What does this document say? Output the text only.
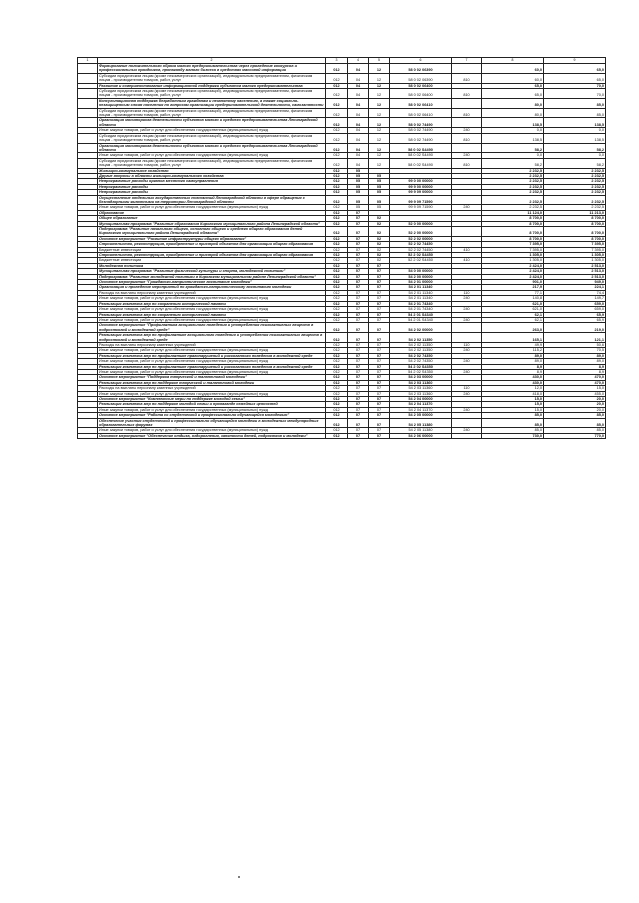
1	2	3	4	5	6	7	8	9
	Формирование положительного образа малого предпринимательства через проведение конкурсов и профессиональных праздников, пропаганду малого бизнеса в средствах массовой информации	012	04	12	58 0 02 06390		60,0	65,0
	Субсидии юридическим лицам (кроме некоммерческих организаций), индивидуальным предпринимателям, физическим лицам - производителям товаров, работ, услуг	012	04	12	58 0 02 06390	810	60,0	65,0
	Развитие и совершенствование информационной поддержки субъектов малого предпринимательства	012	04	12	58 0 02 06400		65,0	70,0
	Субсидии юридическим лицам (кроме некоммерческих организаций), индивидуальным предпринимателям, физическим лицам - производителям товаров, работ, услуг	012	04	12	58 0 02 06400	810	65,0	70,0
	Консультационная поддержка безработным гражданам и незанятому населению, а также социально-незащищенным слоям населения по вопросам организации предпринимательской деятельности, самозанятости	012	04	12	58 0 02 06410		80,0	85,0
	Субсидии юридическим лицам (кроме некоммерческих организаций), индивидуальным предпринимателям, физическим лицам - производителям товаров, работ, услуг	012	04	12	58 0 02 06410	810	80,0	85,0
	Организация мониторинга деятельности субъектов малого и среднего предпринимательства Ленинградской области	012	04	12	58 0 02 74490		138,5	138,5
	Иные закупки товаров, работ и услуг для обеспечения государственных (муниципальных) нужд	012	04	12	58 0 02 74490	240	0,0	0,0
	Субсидии юридическим лицам (кроме некоммерческих организаций), индивидуальным предпринимателям, физическим лицам - производителям товаров, работ, услуг	012	04	12	58 0 02 74490	810	138,5	138,5
	Организация мониторинга деятельности субъектов малого и среднего предпринимательства Ленинградской области	012	04	12	58 0 02 S4490		58,2	58,2
	Иные закупки товаров, работ и услуг для обеспечения государственных (муниципальных) нужд	012	04	12	58 0 02 S4490	240	0,0	0,0
	Субсидии юридическим лицам (кроме некоммерческих организаций), индивидуальным предпринимателям, физическим лицам - производителям товаров, работ, услуг	012	04	12	58 0 02 S4490	810	58,2	58,2
	Жилищно-коммунальное хозяйство	012	05				2 232,5	2 232,5
	Другие вопросы в области жилищно-коммунального хозяйства	012	05	05			2 232,5	2 232,5
	Непрограммные расходы органов местного самоуправления	012	05	05	99 0 00 00000		2 232,5	2 232,5
	Непрограммные расходы	012	05	05	99 9 00 00000		2 232,5	2 232,5
	Непрограммные расходы	012	05	05	99 9 09 00000		2 232,5	2 232,5
	Осуществление отдельных государственных полномочий Ленинградской области в сфере обращения с безнадзорными животными на территории Ленинградской области	012	05	05	99 9 09 71590		2 232,5	2 232,5
	Иные закупки товаров, работ и услуг для обеспечения государственных (муниципальных) нужд	012	05	05	99 9 09 71590	240	2 232,5	2 232,5
	Образование	012	07				11 124,0	11 213,0
	Общее образование	012	07	02			8 700,0	8 700,0
	Муниципальная программа "Развитие образования Кировского муниципального района Ленинградской области"	012	07	02	52 0 00 00000		8 700,0	8 700,0
	Подпрограмма "Развитие начального общего, основного общего и среднего общего образования детей Кировского муниципального района Ленинградской области"	012	07	02	52 2 00 00000		8 700,0	8 700,0
	Основное мероприятие "Развитие инфраструктуры общего образования"	012	07	02	52 2 02 00000		8 700,0	8 700,0
	Строительство, реконструкция, приобретение и пристрой объектов для организации общего образования	012	07	02	52 2 02 74450		7 395,0	7 395,0
	Бюджетные инвестиции	012	07	02	52 2 02 74450	410	7 395,0	7 395,0
	Строительство, реконструкция, приобретение и пристрой объектов для организации общего образования	012	07	02	52 2 02 S4450		1 305,0	1 305,0
	Бюджетные инвестиции	012	07	02	52 2 02 S4450	410	1 305,0	1 305,0
	Молодежная политика	012	07	07			2 424,0	2 513,0
	Муниципальная программа "Развитие физической культуры и спорта, молодежной политики"	012	07	07	54 0 00 00000		2 424,0	2 513,0
	Подпрограмма "Развитие молодежной политики в Кировском муниципальном районе Ленинградской области"	012	07	07	54 2 00 00000		2 424,0	2 513,0
	Основное мероприятие "Гражданско-патриотическое воспитание молодежи"	012	07	07	54 2 01 00000		901,0	949,0
	Организация и проведение мероприятий по гражданско-патриотическому воспитанию молодежи	012	07	07	54 2 01 11340		217,9	224,1
	Расходы на выплаты персоналу казенных учреждений	012	07	07	54 2 01 11340	110	77,1	74,4
	Иные закупки товаров, работ и услуг для обеспечения государственных (муниципальных) нужд	012	07	07	54 2 01 11340	240	140,8	149,7
	Реализация комплекса мер по сохранению исторической памяти	012	07	07	54 2 01 74340		621,0	659,0
	Иные закупки товаров, работ и услуг для обеспечения государственных (муниципальных) нужд	012	07	07	54 2 01 74340	240	621,0	659,0
	Реализация комплекса мер по сохранению исторической памяти	012	07	07	54 2 01 S4340		62,1	65,9
	Иные закупки товаров, работ и услуг для обеспечения государственных (муниципальных) нужд	012	07	07	54 2 01 S4340	240	62,1	65,9
	Основное мероприятие "Профилактика асоциального поведения и употребления психоактивных веществ в подростковой и молодежной среде"	012	07	07	54 2 02 00000		263,0	219,0
	Реализация комплекса мер по профилактике асоциального поведения и употребления психоактивных веществ в подростковой и молодежной среде	012	07	07	54 2 02 11350		165,1	121,1
	Расходы на выплаты персоналу казенных учреждений	012	07	07	54 2 02 11350	110	49,9	50,6
	Иные закупки товаров, работ и услуг для обеспечения государственных (муниципальных) нужд	012	07	07	54 2 02 11350	240	115,2	70,5
	Реализация комплекса мер по профилактике правонарушений и рискованного поведения в молодежной среде	012	07	07	54 2 02 74350		89,0	89,0
	Иные закупки товаров, работ и услуг для обеспечения государственных (муниципальных) нужд	012	07	07	54 2 02 74350	240	89,0	89,0
	Реализация комплекса мер по профилактике правонарушений и рискованного поведения в молодежной среде	012	07	07	54 2 02 S4350		8,9	8,9
	Иные закупки товаров, работ и услуг для обеспечения государственных (муниципальных) нужд	012	07	07	54 2 02 S4350	240	8,9	8,9
	Основное мероприятие "Поддержка творческой и талантливой молодежи"	012	07	07	54 2 03 00000		430,0	470,0
	Реализация комплекса мер по поддержке творческой и талантливой молодежи	012	07	07	54 2 03 11360		430,0	470,0
	Расходы на выплаты персоналу казенных учреждений	012	07	07	54 2 03 11360	110	12,0	15,0
	Иные закупки товаров, работ и услуг для обеспечения государственных (муниципальных) нужд	012	07	07	54 2 03 11360	240	418,0	455,0
	Основное мероприятие "Комплексные меры по поддержке молодой семьи"	012	07	07	54 2 04 00000		15,0	20,0
	Реализация комплекса мер по поддержке молодой семьи и пропаганде семейных ценностей	012	07	07	54 2 04 11370		15,0	20,0
	Иные закупки товаров, работ и услуг для обеспечения государственных (муниципальных) нужд	012	07	07	54 2 04 11370	240	15,0	20,0
	Основное мероприятие "Работа со студенческой и профессионально обучающейся молодежью"	012	07	07	54 2 05 00000		85,0	85,0
	Обеспечение участия студенческой и профессионально обучающейся молодежи в молодежных международных образовательных форумах	012	07	07	54 2 05 11380		85,0	85,0
	Иные закупки товаров, работ и услуг для обеспечения государственных (муниципальных) нужд	012	07	07	54 2 05 11380	240	85,0	85,0
	Основное мероприятие "Обеспечение отдыха, оздоровления, занятости детей, подростков и молодежи"	012	07	07	54 2 06 00000		730,0	770,0
